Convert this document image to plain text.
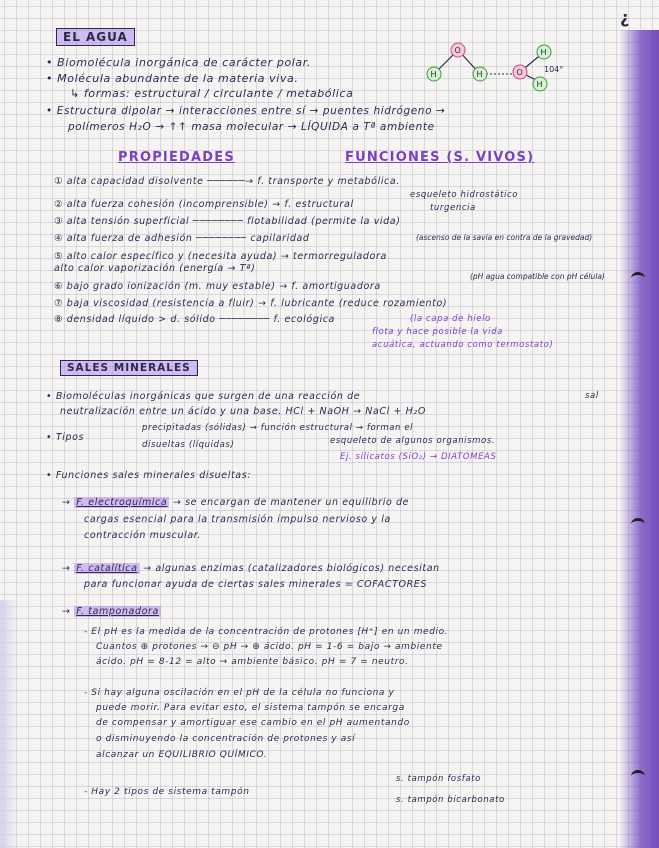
¿
EL AGUA
• Biomolécula inorgánica de carácter polar.
• Molécula abundante de la materia viva.
↳ formas: estructural / circulante / metabólica
• Estructura dipolar → interacciones entre sí → puentes hidrógeno →
polímeros H₂O → ↑↑ masa molecular → LÍQUIDA a Tª ambiente
O
O
H	H
H
H
104°
PROPIEDADES	FUNCIONES (S. VIVOS)
① alta capacidad disolvente ──────→ f. transporte y metabólica.
② alta fuerza cohesión (incomprensible) → f. estructural
③ alta tensión superficial ──────── flotabilidad (permite la vida)
④ alta fuerza de adhesión ──────── capilaridad
⑤ alto calor específico y (necesita ayuda) → termorreguladora
alto calor vaporización (energía → Tª)
⑥ bajo grado ionización (m. muy estable) → f. amortiguadora
⑦ baja viscosidad (resistencia a fluir) → f. lubricante (reduce rozamiento)
⑧ densidad líquido > d. sólido ──────── f. ecológica
esqueleto hidrostático
turgencia
(ascenso de la savia en contra de la gravedad)
(pH agua compatible con pH célula)
(la capa de hielo
flota y hace posible la vida
acuática, actuando como termostato)
SALES MINERALES
• Biomoléculas inorgánicas que surgen de una reacción de
neutralización entre un ácido y una base. HCl + NaOH → NaCl + H₂O
sal
• Tipos
precipitadas (sólidas) → función estructural → forman el
esqueleto de algunos organismos.
Ej. silicatos (SiO₂) → DIATOMEAS
disueltas (líquidas)
• Funciones sales minerales disueltas:
→ F. electroquímica → se encargan de mantener un equilibrio de
cargas esencial para la transmisión impulso nervioso y la
contracción muscular.
→ F. catalítica → algunas enzimas (catalizadores biológicos) necesitan
para funcionar ayuda de ciertas sales minerales = COFACTORES
→ F. tamponadora
- El pH es la medida de la concentración de protones [H⁺] en un medio.
Cuantos ⊕ protones → ⊖ pH → ⊕ ácido. pH = 1-6 = bajo → ambiente
ácido. pH = 8-12 = alto → ambiente básico. pH = 7 = neutro.
- Si hay alguna oscilación en el pH de la célula no funciona y
puede morir. Para evitar esto, el sistema tampón se encarga
de compensar y amortiguar ese cambio en el pH aumentando
o disminuyendo la concentración de protones y así
alcanzar un EQUILIBRIO QUÍMICO.
- Hay 2 tipos de sistema tampón
s. tampón fosfato
s. tampón bicarbonato
